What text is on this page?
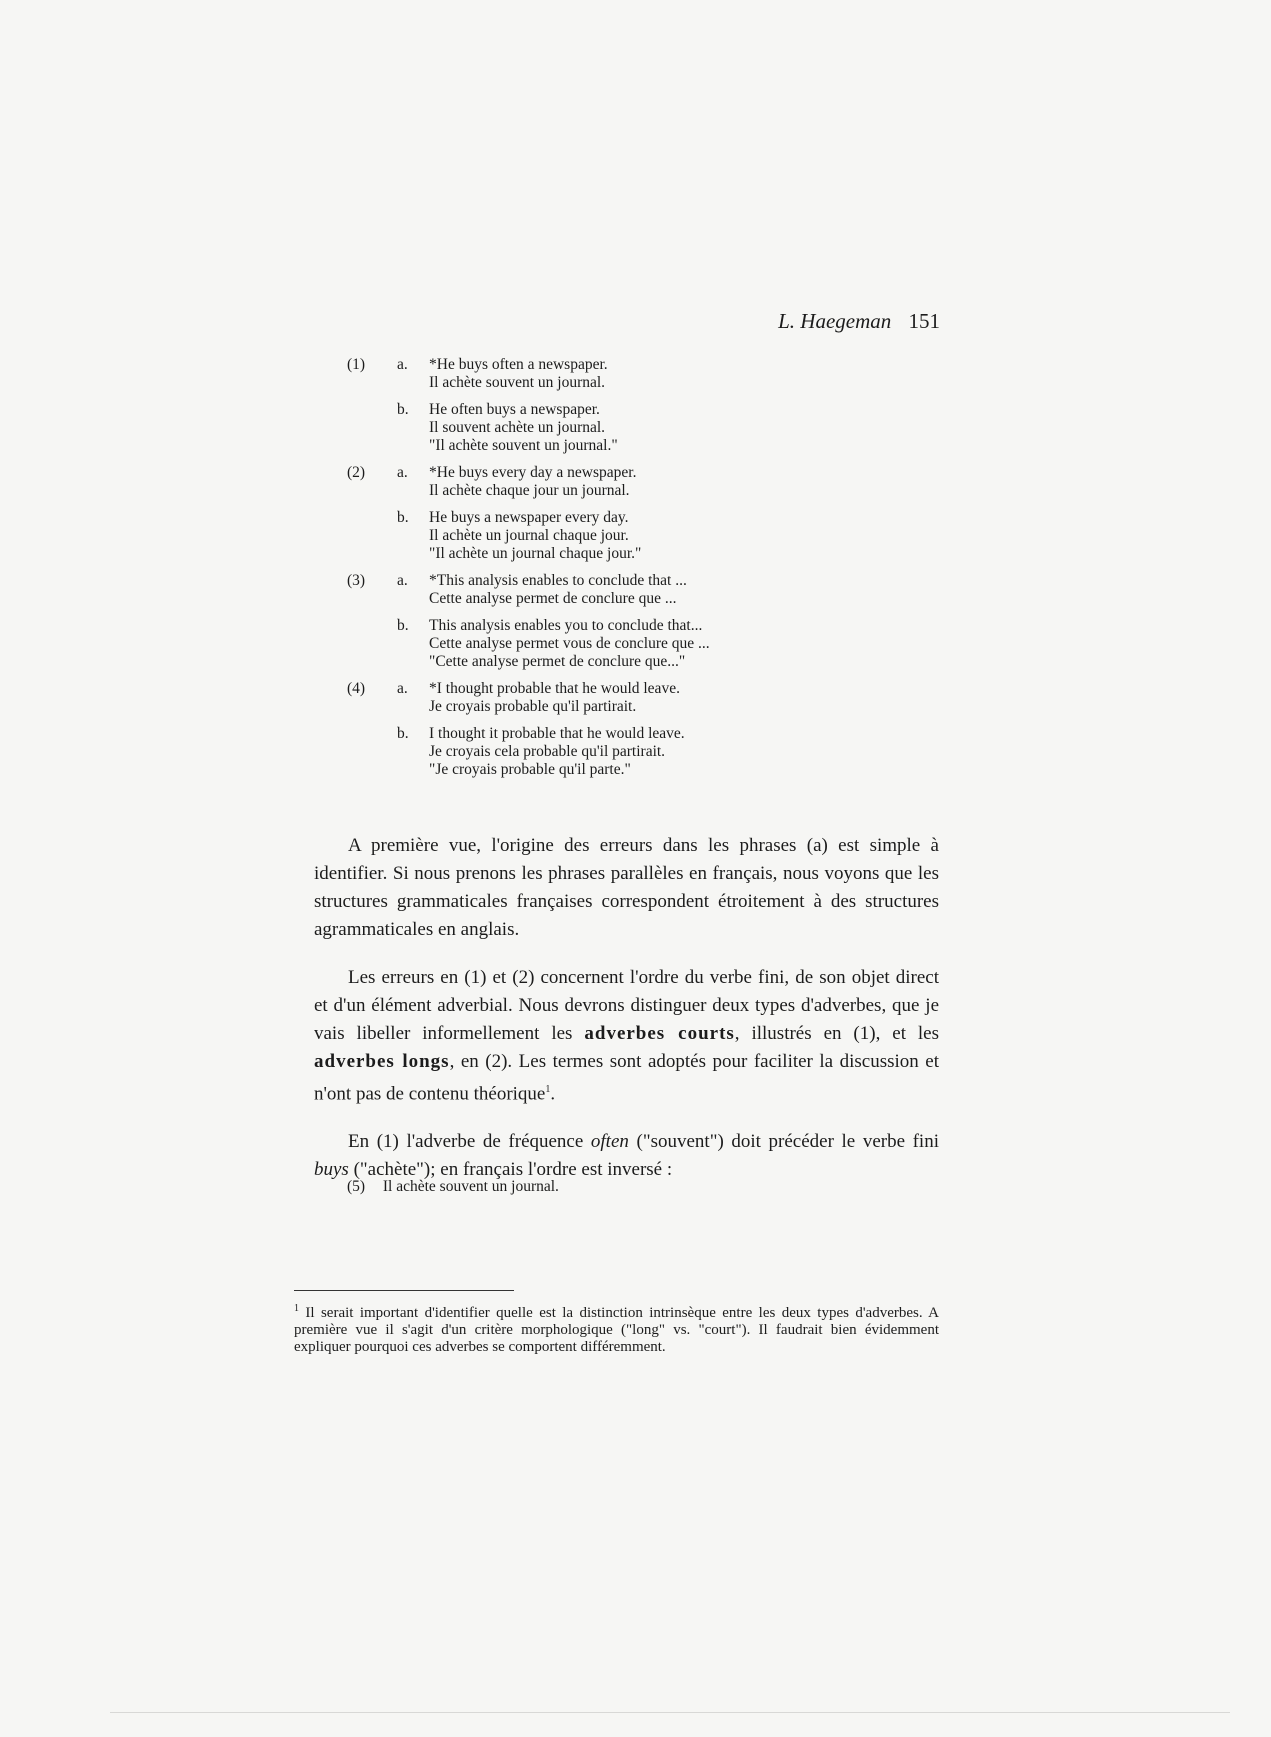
L. Haegeman 151
(1)	a. *He buys often a newspaper.
Il achète souvent un journal.
b. He often buys a newspaper.
Il souvent achète un journal.
"Il achète souvent un journal."
(2)	a. *He buys every day a newspaper.
Il achète chaque jour un journal.
b. He buys a newspaper every day.
Il achète un journal chaque jour.
"Il achète un journal chaque jour."
(3)	a. *This analysis enables to conclude that ...
Cette analyse permet de conclure que ...
b. This analysis enables you to conclude that...
Cette analyse permet vous de conclure que ...
"Cette analyse permet de conclure que..."
(4)	a. *I thought probable that he would leave.
Je croyais probable qu'il partirait.
b. I thought it probable that he would leave.
Je croyais cela probable qu'il partirait.
"Je croyais probable qu'il parte."

A première vue, l'origine des erreurs dans les phrases (a) est simple à identifier. Si nous prenons les phrases parallèles en français, nous voyons que les structures grammaticales françaises correspondent étroitement à des structures agrammaticales en anglais.

Les erreurs en (1) et (2) concernent l'ordre du verbe fini, de son objet direct et d'un élément adverbial. Nous devrons distinguer deux types d'adverbes, que je vais libeller informellement les adverbes courts, illustrés en (1), et les adverbes longs, en (2). Les termes sont adoptés pour faciliter la discussion et n'ont pas de contenu théorique$^1$.

En (1) l'adverbe de fréquence often ("souvent") doit précéder le verbe fini buys ("achète"); en français l'ordre est inversé :

(5) Il achète souvent un journal.
$^1$ Il serait important d'identifier quelle est la distinction intrinsèque entre les deux types d'adverbes. A première vue il s'agit d'un critère morphologique ("long" vs. "court"). Il faudrait bien évidemment expliquer pourquoi ces adverbes se comportent différemment.
